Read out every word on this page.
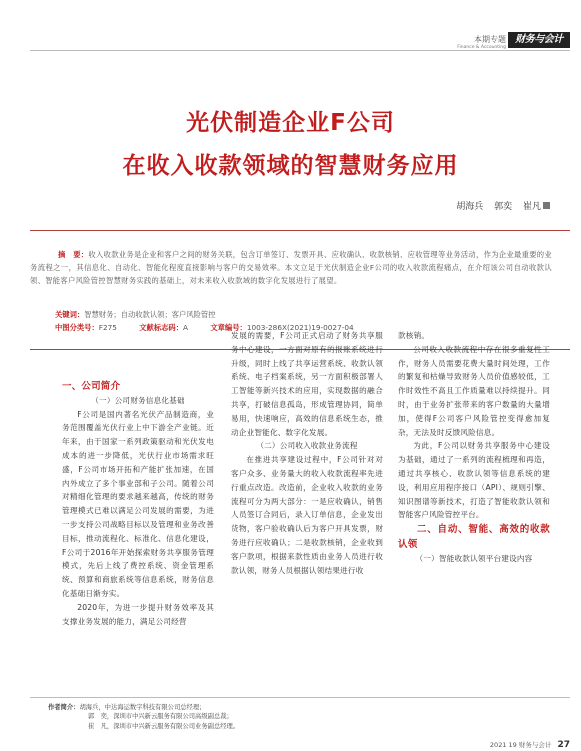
本期专题
Finance & Accounting
财务与会计
光伏制造企业F公司
在收入收款领域的智慧财务应用
胡海兵 郭奕 崔凡
摘　要：收入收款业务是企业和客户之间的财务关联，包含订单签订、发票开具、应收确认、收款核销、应收管理等业务活动，作为企业最重要的业务流程之一，其信息化、自动化、智能化程度直接影响与客户的交易效率。本文立足于光伏制造企业F公司的收入收款流程痛点，在介绍该公司自动收款认领、智能客户风险管控智慧财务实践的基础上，对未来收入收款域的数字化发展进行了展望。
关键词：智慧财务；自动收款认领；客户风险管控
中图分类号：F275	文献标志码：A	文章编号：1003-286X(2021)19-0027-04

一、公司简介

（一）公司财务信息化基础

F公司是国内著名光伏产品制造商，业务范围覆盖光伏行业上中下游全产业链。近年来，由于国家一系列政策驱动和光伏发电成本的进一步降低，光伏行业市场需求旺盛，F公司市场开拓和产能扩张加速，在国内外成立了多个事业部和子公司。随着公司对精细化管理的要求越来越高，传统的财务管理模式已难以满足公司发展的需要，为进一步支持公司战略目标以及管理和业务改善目标，推动流程化、标准化、信息化建设，F公司于2016年开始探索财务共享服务管理模式，先后上线了费控系统、资金管理系统、预算和商旅系统等信息系统，财务信息化基础日渐夯实。

2020年，为进一步提升财务效率及其支撑业务发展的能力，满足公司经营

发展的需要，F公司正式启动了财务共享服务中心建设，一方面对原有的报账系统进行升级，同时上线了共享运营系统、收款认领系统、电子档案系统，另一方面积极部署人工智能等新兴技术的应用，实现数据的融合共享，打破信息孤岛，形成管理协同，简单易用，快速响应，高效的信息系统生态，推动企业智能化、数字化发展。

（二）公司收入收款业务流程

在推进共享建设过程中，F公司针对对客户众多、业务量大的收入收款流程率先进行重点改造。改造前，企业收入收款的业务流程可分为两大部分：一是应收确认，销售人员签订合同后，录入订单信息，企业发出货物，客户验收确认后为客户开具发票，财务进行应收确认；二是收款核销，企业收到客户款项，根据来款性质由业务人员进行收款认领，财务人员根据认领结果进行收

款核销。

公司收入收款流程中存在很多重复性工作，财务人员需要花费大量时间处理，工作的繁复和枯燥导致财务人员价值感较低，工作时效性不高且工作质量难以持续提升。同时，由于业务扩张带来的客户数量的大量增加，使得F公司客户风险管控变得愈加复杂，无法及时反馈风险信息。

为此，F公司以财务共享服务中心建设为基础，通过了一系列的流程梳理和再造，通过共享核心、收款认领等信息系统的建设，利用应用程序接口（API）、规则引擎、知识图谱等新技术，打造了智能收款认领和智能客户风险管控平台。

二、自动、智能、高效的收款认领

（一）智能收款认领平台建设内容

作者简介：胡海兵，中达海运数字科技有限公司总经理；
郭　奕，深圳市中兴新云服务有限公司高级副总裁；
崔　凡，深圳市中兴新云服务有限公司业务副总经理。
2021 19 财务与会计 27
